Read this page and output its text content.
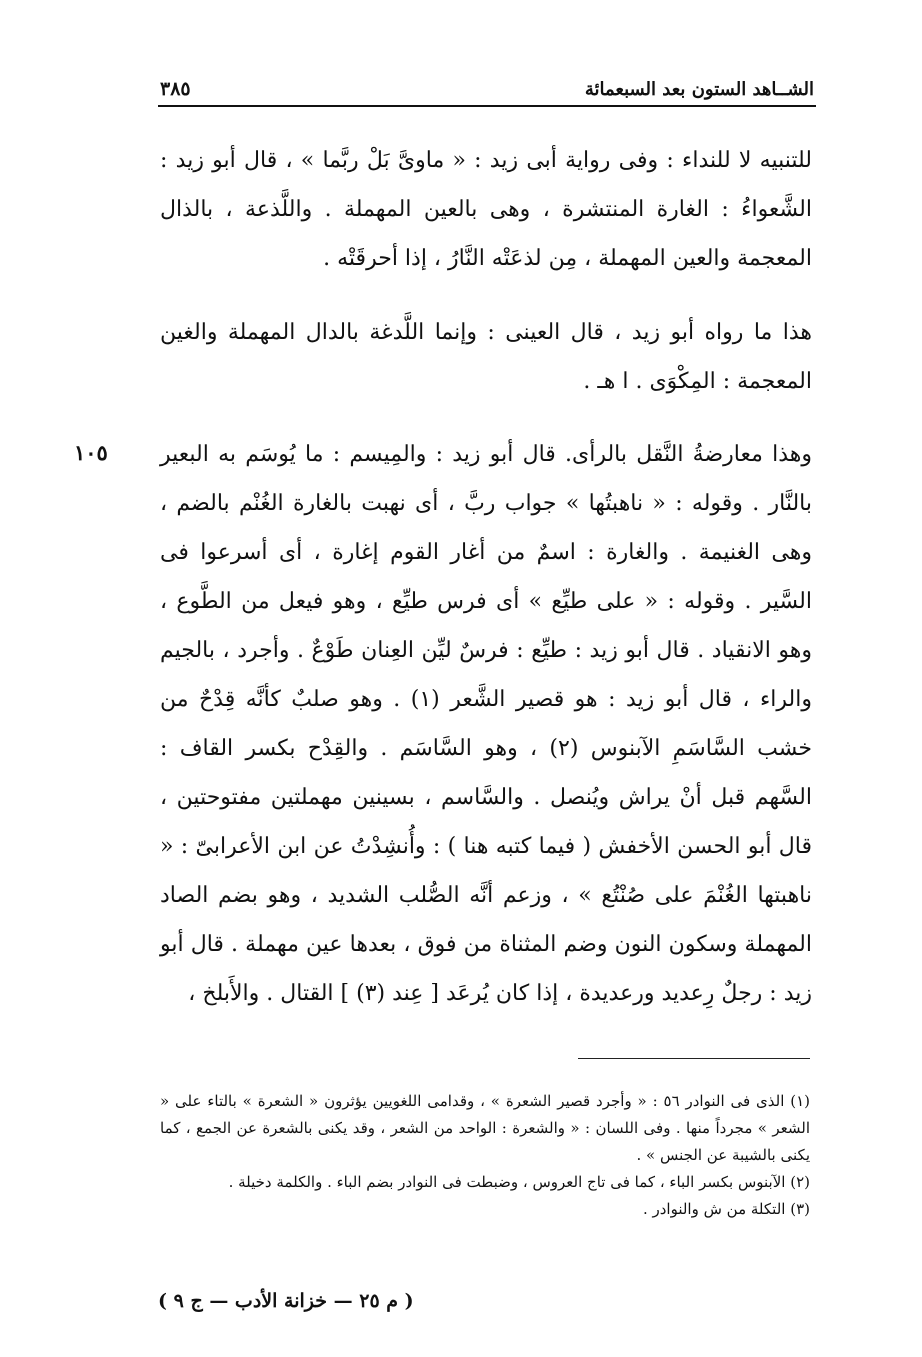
الشــاهد الستون بعد السبعمائة
٣٨٥
للتنبيه لا للنداء : وفى رواية أبى زيد : « ماوىَّ بَلْ ربَّما » ، قال أبو زيد : الشَّعواءُ : الغارة المنتشرة ، وهى بالعين المهملة . واللَّذعة ، بالذال المعجمة والعين المهملة ، مِن لذعَتْه النَّارُ ، إذا أحرقَتْه .
هذا ما رواه أبو زيد ، قال العينى : وإنما اللَّدغة بالدال المهملة والغين المعجمة : المِكْوَى . ا هـ .
وهذا معارضةُ النَّقل بالرأى. قال أبو زيد : والمِيسم : ما يُوسَم به البعير بالنَّار . وقوله : « ناهبتُها » جواب ربَّ ، أى نهبت بالغارة الغُنْم بالضم ، وهى الغنيمة . والغارة : اسمٌ من أغار القوم إغارة ، أى أسرعوا فى السَّير . وقوله : « على طيِّع » أى فرس طيِّع ، وهو فيعل من الطَّوع ، وهو الانقياد . قال أبو زيد : طيِّع : فرسٌ ليِّن العِنان طَوْعٌ . وأجرد ، بالجيم والراء ، قال أبو زيد : هو قصير الشَّعر (١) . وهو صلبٌ كأنَّه قِدْحٌ من خشب السَّاسَمِ الآبنوس (٢) ، وهو السَّاسَم . والقِدْح بكسر القاف : السَّهم قبل أنْ يراش ويُنصل . والسَّاسم ، بسينين مهملتين مفتوحتين ، قال أبو الحسن الأخفش ( فيما كتبه هنا ) : وأُنشِدْتُ عن ابن الأعرابىّ : « ناهبتها الغُنْمَ على صُنْتُع » ، وزعم أنَّه الصُّلب الشديد ، وهو بضم الصاد المهملة وسكون النون وضم المثناة من فوق ، بعدها عين مهملة . قال أبو زيد : رجلٌ رِعديد ورعديدة ، إذا كان يُرعَد [ عِند (٣) ] القتال . والأَبلخ ،
١٠٥
(١) الذى فى النوادر ٥٦ : « وأجرد قصير الشعرة » ، وقدامى اللغويين يؤثرون « الشعرة » بالتاء على « الشعر » مجرداً منها . وفى اللسان : « والشعرة : الواحد من الشعر ، وقد يكنى بالشعرة عن الجمع ، كما يكنى بالشيبة عن الجنس » .
(٢) الآبنوس بكسر الباء ، كما فى تاج العروس ، وضبطت فى النوادر بضم الباء . والكلمة دخيلة .
(٣) التكلة من ش والنوادر .
( م ٢٥ — خزانة الأدب — ج ٩ )
